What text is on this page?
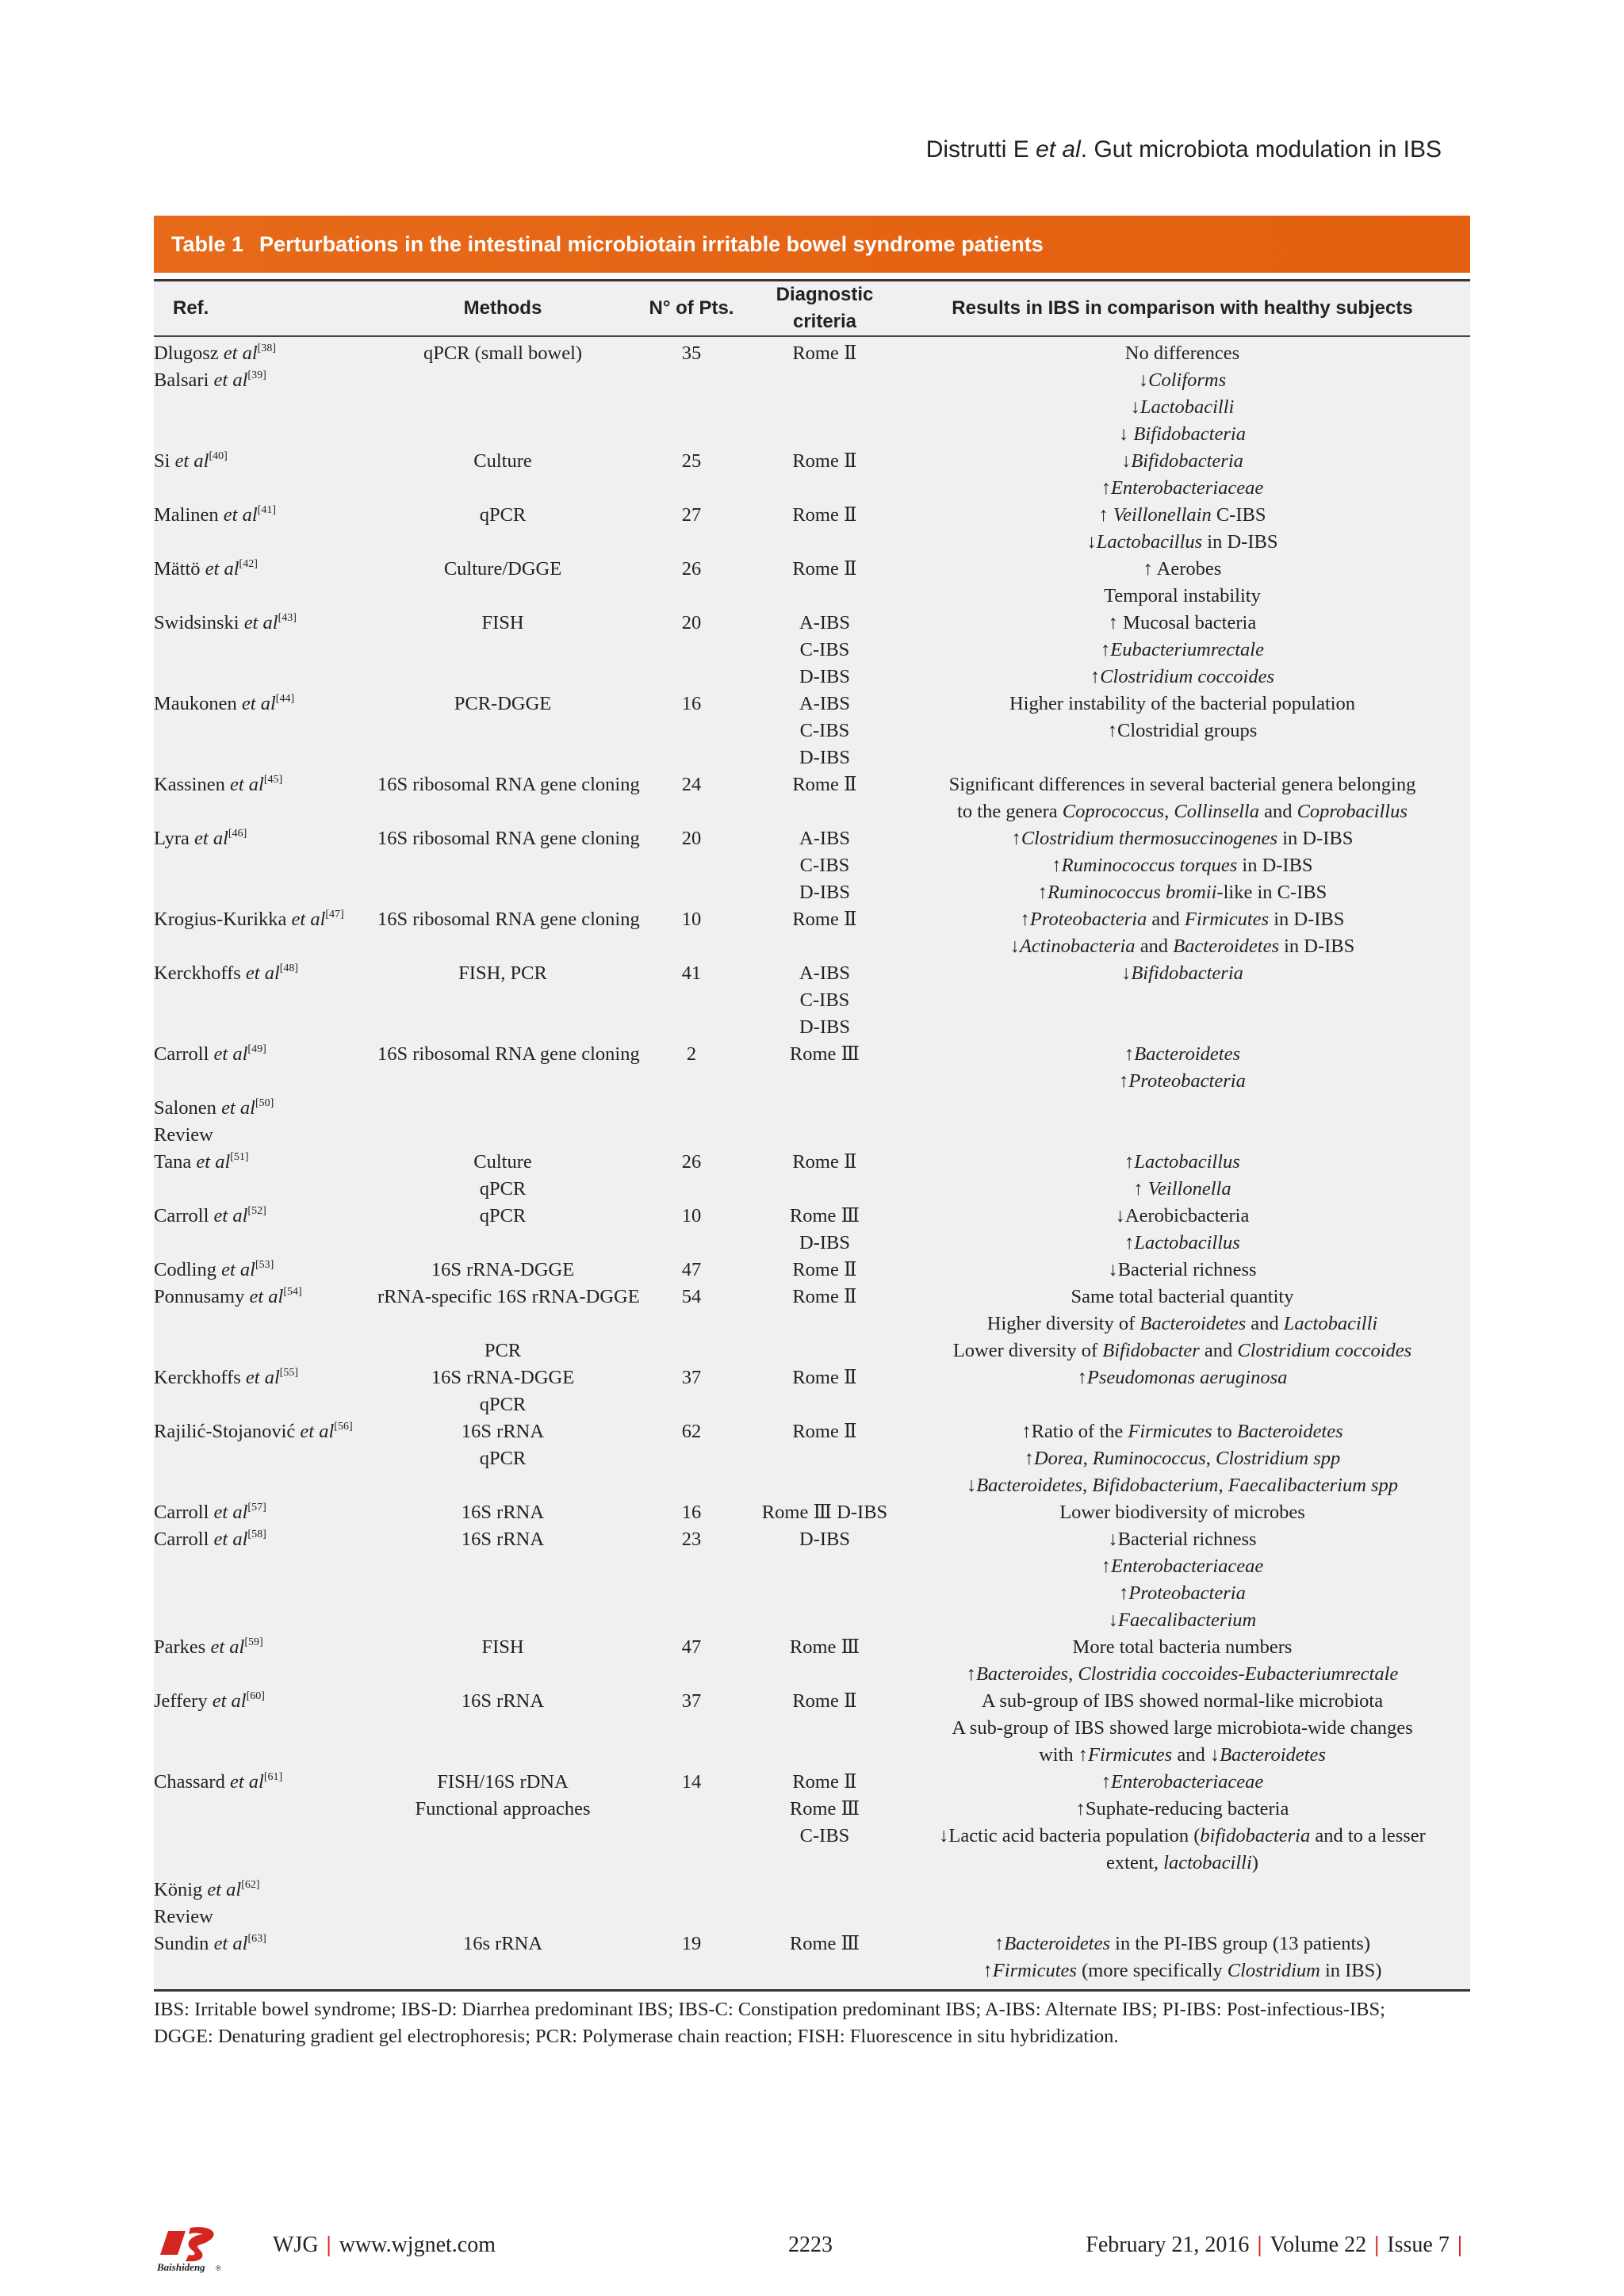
Distrutti E et al. Gut microbiota modulation in IBS
Table 1 Perturbations in the intestinal microbiotain irritable bowel syndrome patients
Ref.	Methods	N° of Pts.	Diagnostic criteria	Results in IBS in comparison with healthy subjects
Dlugosz et al[38]	qPCR (small bowel)	35	Rome Ⅱ	No differences
Balsari et al[39]				↓Coliforms
				↓Lactobacilli
				↓ Bifidobacteria
Si et al[40]	Culture	25	Rome Ⅱ	↓Bifidobacteria
				↑Enterobacteriaceae
Malinen et al[41]	qPCR	27	Rome Ⅱ	↑ Veillonellain C-IBS
				↓Lactobacillus in D-IBS
Mättö et al[42]	Culture/DGGE	26	Rome Ⅱ	↑ Aerobes
				Temporal instability
Swidsinski et al[43]	FISH	20	A-IBS	↑ Mucosal bacteria
			C-IBS	↑Eubacteriumrectale
			D-IBS	↑Clostridium coccoides
Maukonen et al[44]	PCR-DGGE	16	A-IBS	Higher instability of the bacterial population
			C-IBS	↑Clostridial groups
			D-IBS	
Kassinen et al[45]	16S ribosomal RNA gene cloning	24	Rome Ⅱ	Significant differences in several bacterial genera belonging
				to the genera Coprococcus, Collinsella and Coprobacillus
Lyra et al[46]	16S ribosomal RNA gene cloning	20	A-IBS	↑Clostridium thermosuccinogenes in D-IBS
			C-IBS	↑Ruminococcus torques in D-IBS
			D-IBS	↑Ruminococcus bromii-like in C-IBS
Krogius-Kurikka et al[47]	16S ribosomal RNA gene cloning	10	Rome Ⅱ	↑Proteobacteria and Firmicutes in D-IBS
				↓Actinobacteria and Bacteroidetes in D-IBS
Kerckhoffs et al[48]	FISH, PCR	41	A-IBS	↓Bifidobacteria
			C-IBS	
			D-IBS	
Carroll et al[49]	16S ribosomal RNA gene cloning	2	Rome Ⅲ	↑Bacteroidetes
				↑Proteobacteria
Salonen et al[50]				
Review				
Tana et al[51]	Culture	26	Rome Ⅱ	↑Lactobacillus
	qPCR			↑ Veillonella
Carroll et al[52]	qPCR	10	Rome Ⅲ	↓Aerobicbacteria
			D-IBS	↑Lactobacillus
Codling et al[53]	16S rRNA-DGGE	47	Rome Ⅱ	↓Bacterial richness
Ponnusamy et al[54]	rRNA-specific 16S rRNA-DGGE	54	Rome Ⅱ	Same total bacterial quantity
				Higher diversity of Bacteroidetes and Lactobacilli
	PCR			Lower diversity of Bifidobacter and Clostridium coccoides
Kerckhoffs et al[55]	16S rRNA-DGGE	37	Rome Ⅱ	↑Pseudomonas aeruginosa
	qPCR			
Rajilić-Stojanović et al[56]	16S rRNA	62	Rome Ⅱ	↑Ratio of the Firmicutes to Bacteroidetes
	qPCR			↑Dorea, Ruminococcus, Clostridium spp
				↓Bacteroidetes, Bifidobacterium, Faecalibacterium spp
Carroll et al[57]	16S rRNA	16	Rome Ⅲ D-IBS	Lower biodiversity of microbes
Carroll et al[58]	16S rRNA	23	D-IBS	↓Bacterial richness
				↑Enterobacteriaceae
				↑Proteobacteria
				↓Faecalibacterium
Parkes et al[59]	FISH	47	Rome Ⅲ	More total bacteria numbers
				↑Bacteroides, Clostridia coccoides-Eubacteriumrectale
Jeffery et al[60]	16S rRNA	37	Rome Ⅱ	A sub-group of IBS showed normal-like microbiota
				A sub-group of IBS showed large microbiota-wide changes
				with ↑Firmicutes and ↓Bacteroidetes
Chassard et al[61]	FISH/16S rDNA	14	Rome Ⅱ	↑Enterobacteriaceae
	Functional approaches		Rome Ⅲ	↑Suphate-reducing bacteria
			C-IBS	↓Lactic acid bacteria population (bifidobacteria and to a lesser
				extent, lactobacilli)
König et al[62]				
Review				
Sundin et al[63]	16s rRNA	19	Rome Ⅲ	↑Bacteroidetes in the PI-IBS group (13 patients)
				↑Firmicutes (more specifically Clostridium in IBS)
IBS: Irritable bowel syndrome; IBS-D: Diarrhea predominant IBS; IBS-C: Constipation predominant IBS; A-IBS: Alternate IBS; PI-IBS: Post-infectious-IBS;
DGGE: Denaturing gradient gel electrophoresis; PCR: Polymerase chain reaction; FISH: Fluorescence in situ hybridization.
Baishideng ®
WJG | www.wjgnet.com	2223	February 21, 2016 | Volume 22 | Issue 7 |
